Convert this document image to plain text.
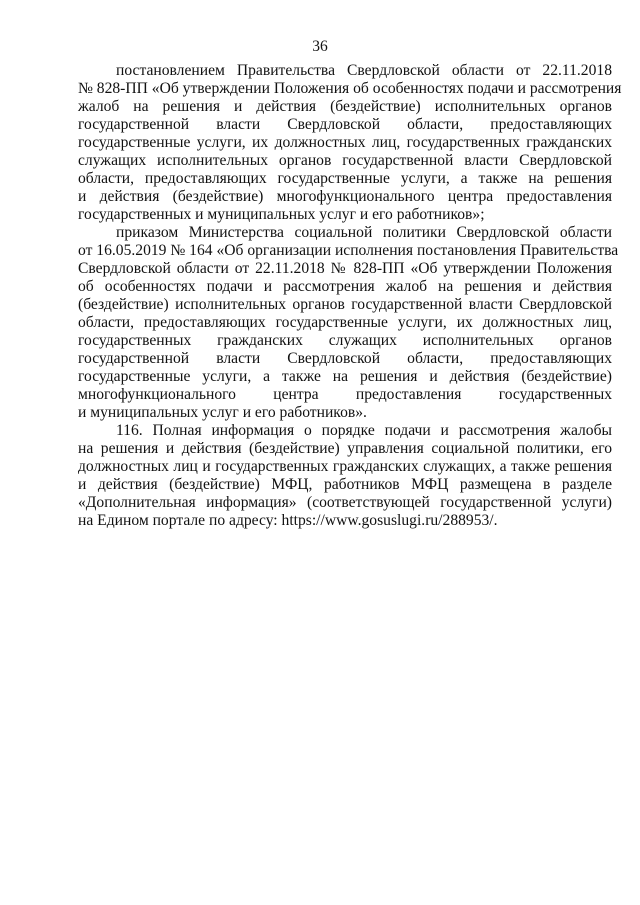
36
постановлением Правительства Свердловской области от 22.11.2018
№ 828-ПП «Об утверждении Положения об особенностях подачи и рассмотрения
жалоб на решения и действия (бездействие) исполнительных органов
государственной власти Свердловской области, предоставляющих
государственные услуги, их должностных лиц, государственных гражданских
служащих исполнительных органов государственной власти Свердловской
области, предоставляющих государственные услуги, а также на решения
и действия (бездействие) многофункционального центра предоставления
государственных и муниципальных услуг и его работников»;
приказом Министерства социальной политики Свердловской области
от 16.05.2019 № 164 «Об организации исполнения постановления Правительства
Свердловской области от 22.11.2018 № 828-ПП «Об утверждении Положения
об особенностях подачи и рассмотрения жалоб на решения и действия
(бездействие) исполнительных органов государственной власти Свердловской
области, предоставляющих государственные услуги, их должностных лиц,
государственных гражданских служащих исполнительных органов
государственной власти Свердловской области, предоставляющих
государственные услуги, а также на решения и действия (бездействие)
многофункционального центра предоставления государственных
и муниципальных услуг и его работников».
116. Полная информация о порядке подачи и рассмотрения жалобы
на решения и действия (бездействие) управления социальной политики, его
должностных лиц и государственных гражданских служащих, а также решения
и действия (бездействие) МФЦ, работников МФЦ размещена в разделе
«Дополнительная информация» (соответствующей государственной услуги)
на Едином портале по адресу: https://www.gosuslugi.ru/288953/.
